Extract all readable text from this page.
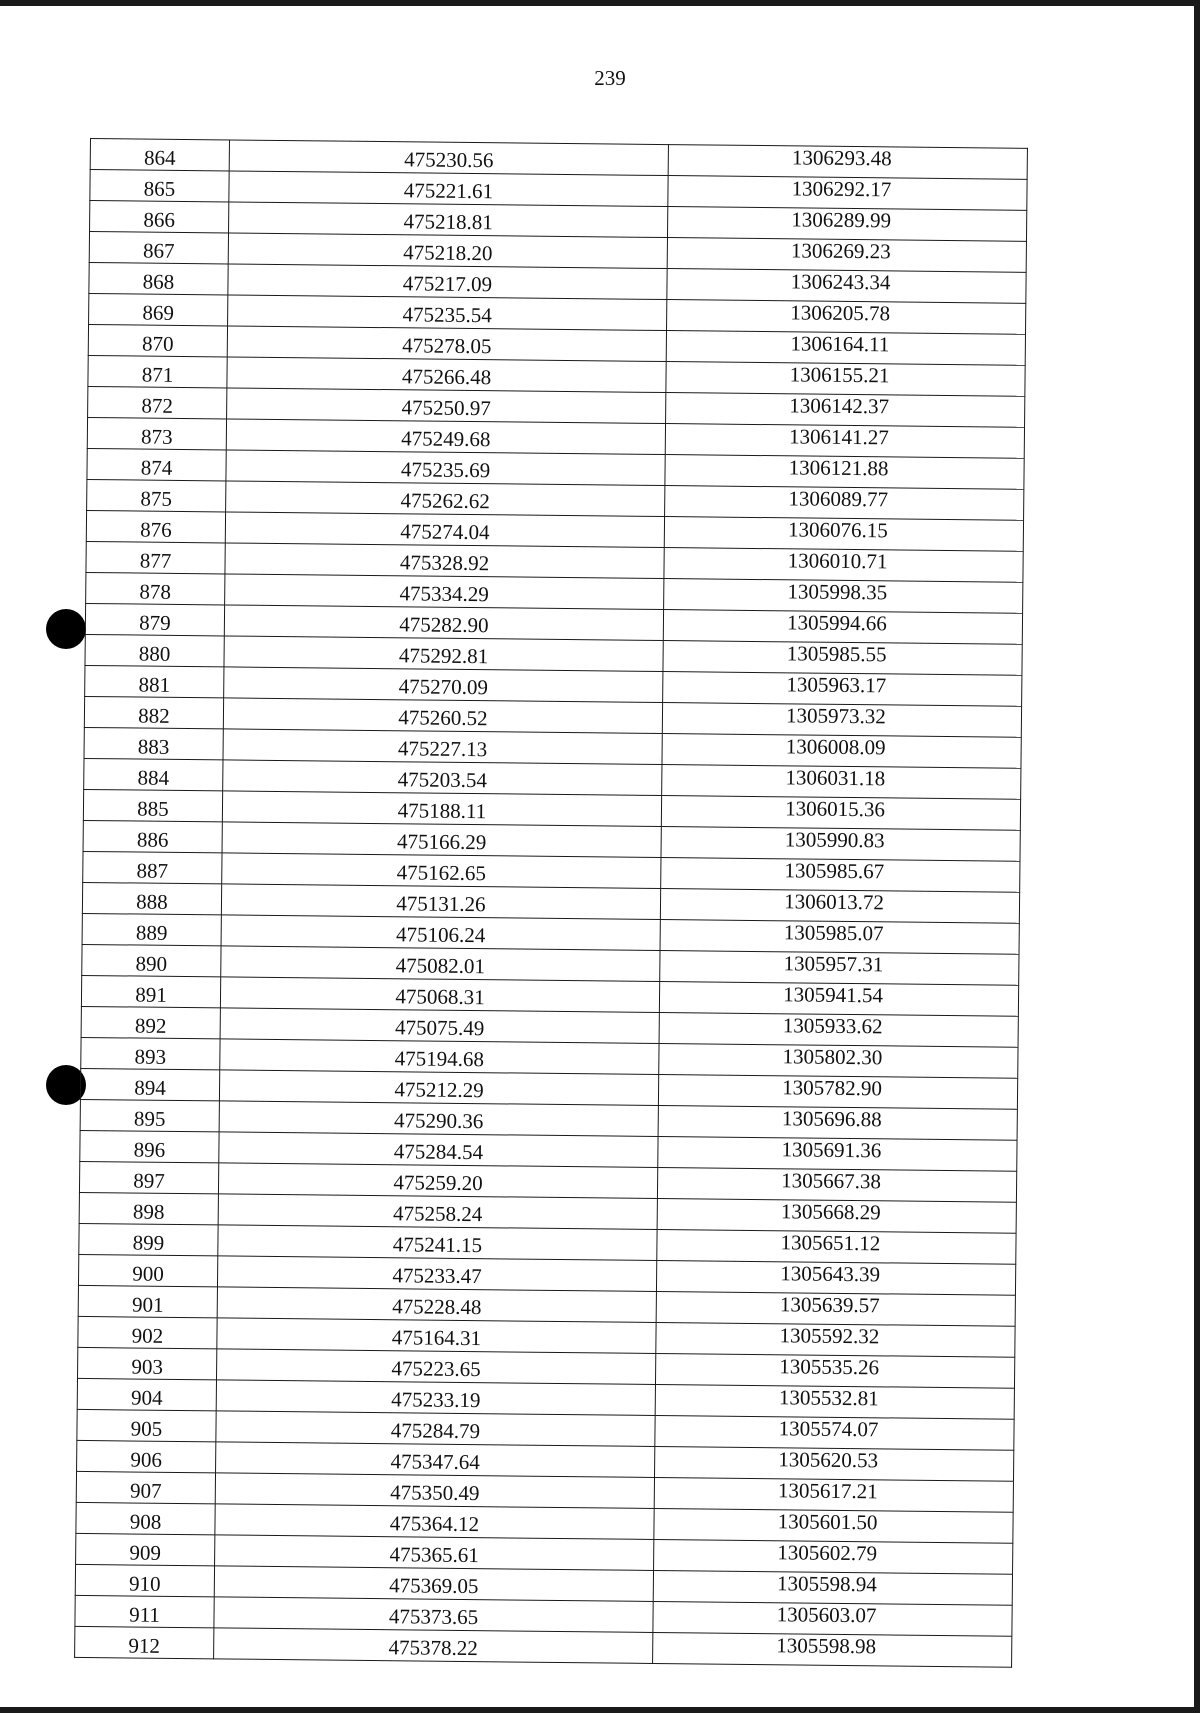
239
864	475230.56	1306293.48
865	475221.61	1306292.17
866	475218.81	1306289.99
867	475218.20	1306269.23
868	475217.09	1306243.34
869	475235.54	1306205.78
870	475278.05	1306164.11
871	475266.48	1306155.21
872	475250.97	1306142.37
873	475249.68	1306141.27
874	475235.69	1306121.88
875	475262.62	1306089.77
876	475274.04	1306076.15
877	475328.92	1306010.71
878	475334.29	1305998.35
879	475282.90	1305994.66
880	475292.81	1305985.55
881	475270.09	1305963.17
882	475260.52	1305973.32
883	475227.13	1306008.09
884	475203.54	1306031.18
885	475188.11	1306015.36
886	475166.29	1305990.83
887	475162.65	1305985.67
888	475131.26	1306013.72
889	475106.24	1305985.07
890	475082.01	1305957.31
891	475068.31	1305941.54
892	475075.49	1305933.62
893	475194.68	1305802.30
894	475212.29	1305782.90
895	475290.36	1305696.88
896	475284.54	1305691.36
897	475259.20	1305667.38
898	475258.24	1305668.29
899	475241.15	1305651.12
900	475233.47	1305643.39
901	475228.48	1305639.57
902	475164.31	1305592.32
903	475223.65	1305535.26
904	475233.19	1305532.81
905	475284.79	1305574.07
906	475347.64	1305620.53
907	475350.49	1305617.21
908	475364.12	1305601.50
909	475365.61	1305602.79
910	475369.05	1305598.94
911	475373.65	1305603.07
912	475378.22	1305598.98
